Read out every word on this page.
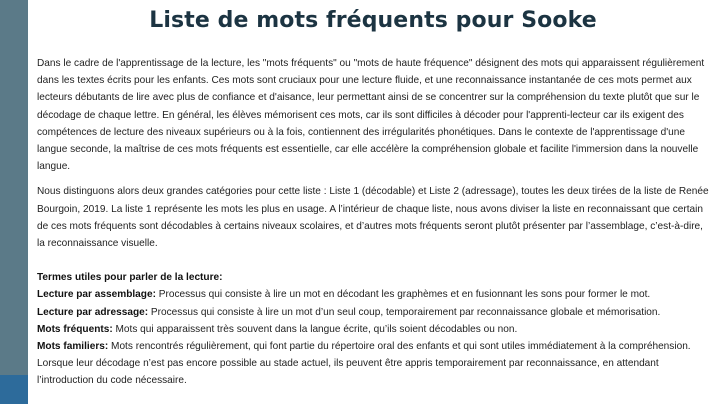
Liste de mots fréquents pour Sooke

Dans le cadre de l'apprentissage de la lecture, les "mots fréquents" ou "mots de haute fréquence" désignent des mots qui apparaissent régulièrement dans les textes écrits pour les enfants. Ces mots sont cruciaux pour une lecture fluide, et une reconnaissance instantanée de ces mots permet aux lecteurs débutants de lire avec plus de confiance et d'aisance, leur permettant ainsi de se concentrer sur la compréhension du texte plutôt que sur le décodage de chaque lettre. En général, les élèves mémorisent ces mots, car ils sont difficiles à décoder pour l'apprenti-lecteur car ils exigent des compétences de lecture des niveaux supérieurs ou à la fois, contiennent des irrégularités phonétiques. Dans le contexte de l'apprentissage d'une langue seconde, la maîtrise de ces mots fréquents est essentielle, car elle accélère la compréhension globale et facilite l'immersion dans la nouvelle langue.

Nous distinguons alors deux grandes catégories pour cette liste : Liste 1 (décodable) et Liste 2 (adressage), toutes les deux tirées de la liste de Renée Bourgoin, 2019. La liste 1 représente les mots les plus en usage. A l’intérieur de chaque liste, nous avons diviser la liste en reconnaissant que certain de ces mots fréquents sont décodables à certains niveaux scolaires, et d’autres mots fréquents seront plutôt présenter par l’assemblage, c’est-à-dire, la reconnaissance visuelle.

Termes utiles pour parler de la lecture:
Lecture par assemblage: Processus qui consiste à lire un mot en décodant les graphèmes et en fusionnant les sons pour former le mot.
Lecture par adressage: Processus qui consiste à lire un mot d’un seul coup, temporairement par reconnaissance globale et mémorisation.
Mots fréquents: Mots qui apparaissent très souvent dans la langue écrite, qu’ils soient décodables ou non.
Mots familiers: Mots rencontrés régulièrement, qui font partie du répertoire oral des enfants et qui sont utiles immédiatement à la compréhension. Lorsque leur décodage n’est pas encore possible au stade actuel, ils peuvent être appris temporairement par reconnaissance, en attendant l’introduction du code nécessaire.
